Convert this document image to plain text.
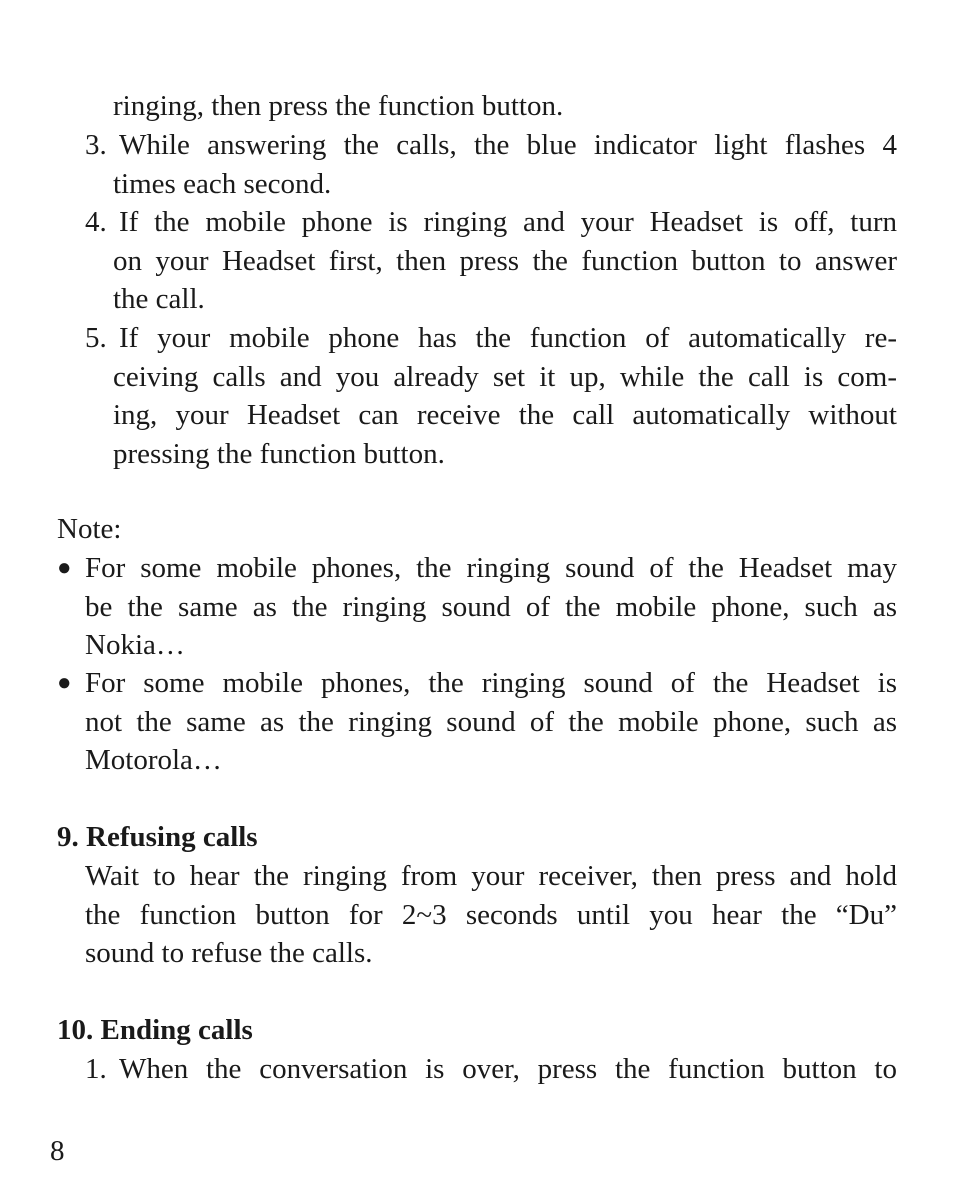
ringing, then press the function button.
3. While answering the calls, the blue indicator light flashes 4
times each second.
4. If the mobile phone is ringing and your Headset is off, turn
on your Headset first, then press the function button to answer
the call.
5. If your mobile phone has the function of automatically re-
ceiving calls and you already set it up, while the call is com-
ing, your Headset can receive the call automatically without
pressing the function button.
Note:
● For some mobile phones, the ringing sound of the Headset may
be the same as the ringing sound of the mobile phone, such as
Nokia…
● For some mobile phones, the ringing sound of the Headset is
not the same as the ringing sound of the mobile phone, such as
Motorola…
9. Refusing calls
Wait to hear the ringing from your receiver, then press and hold
the function button for 2~3 seconds until you hear the “Du”
sound to refuse the calls.
10. Ending calls
1. When the conversation is over, press the function button to
8
